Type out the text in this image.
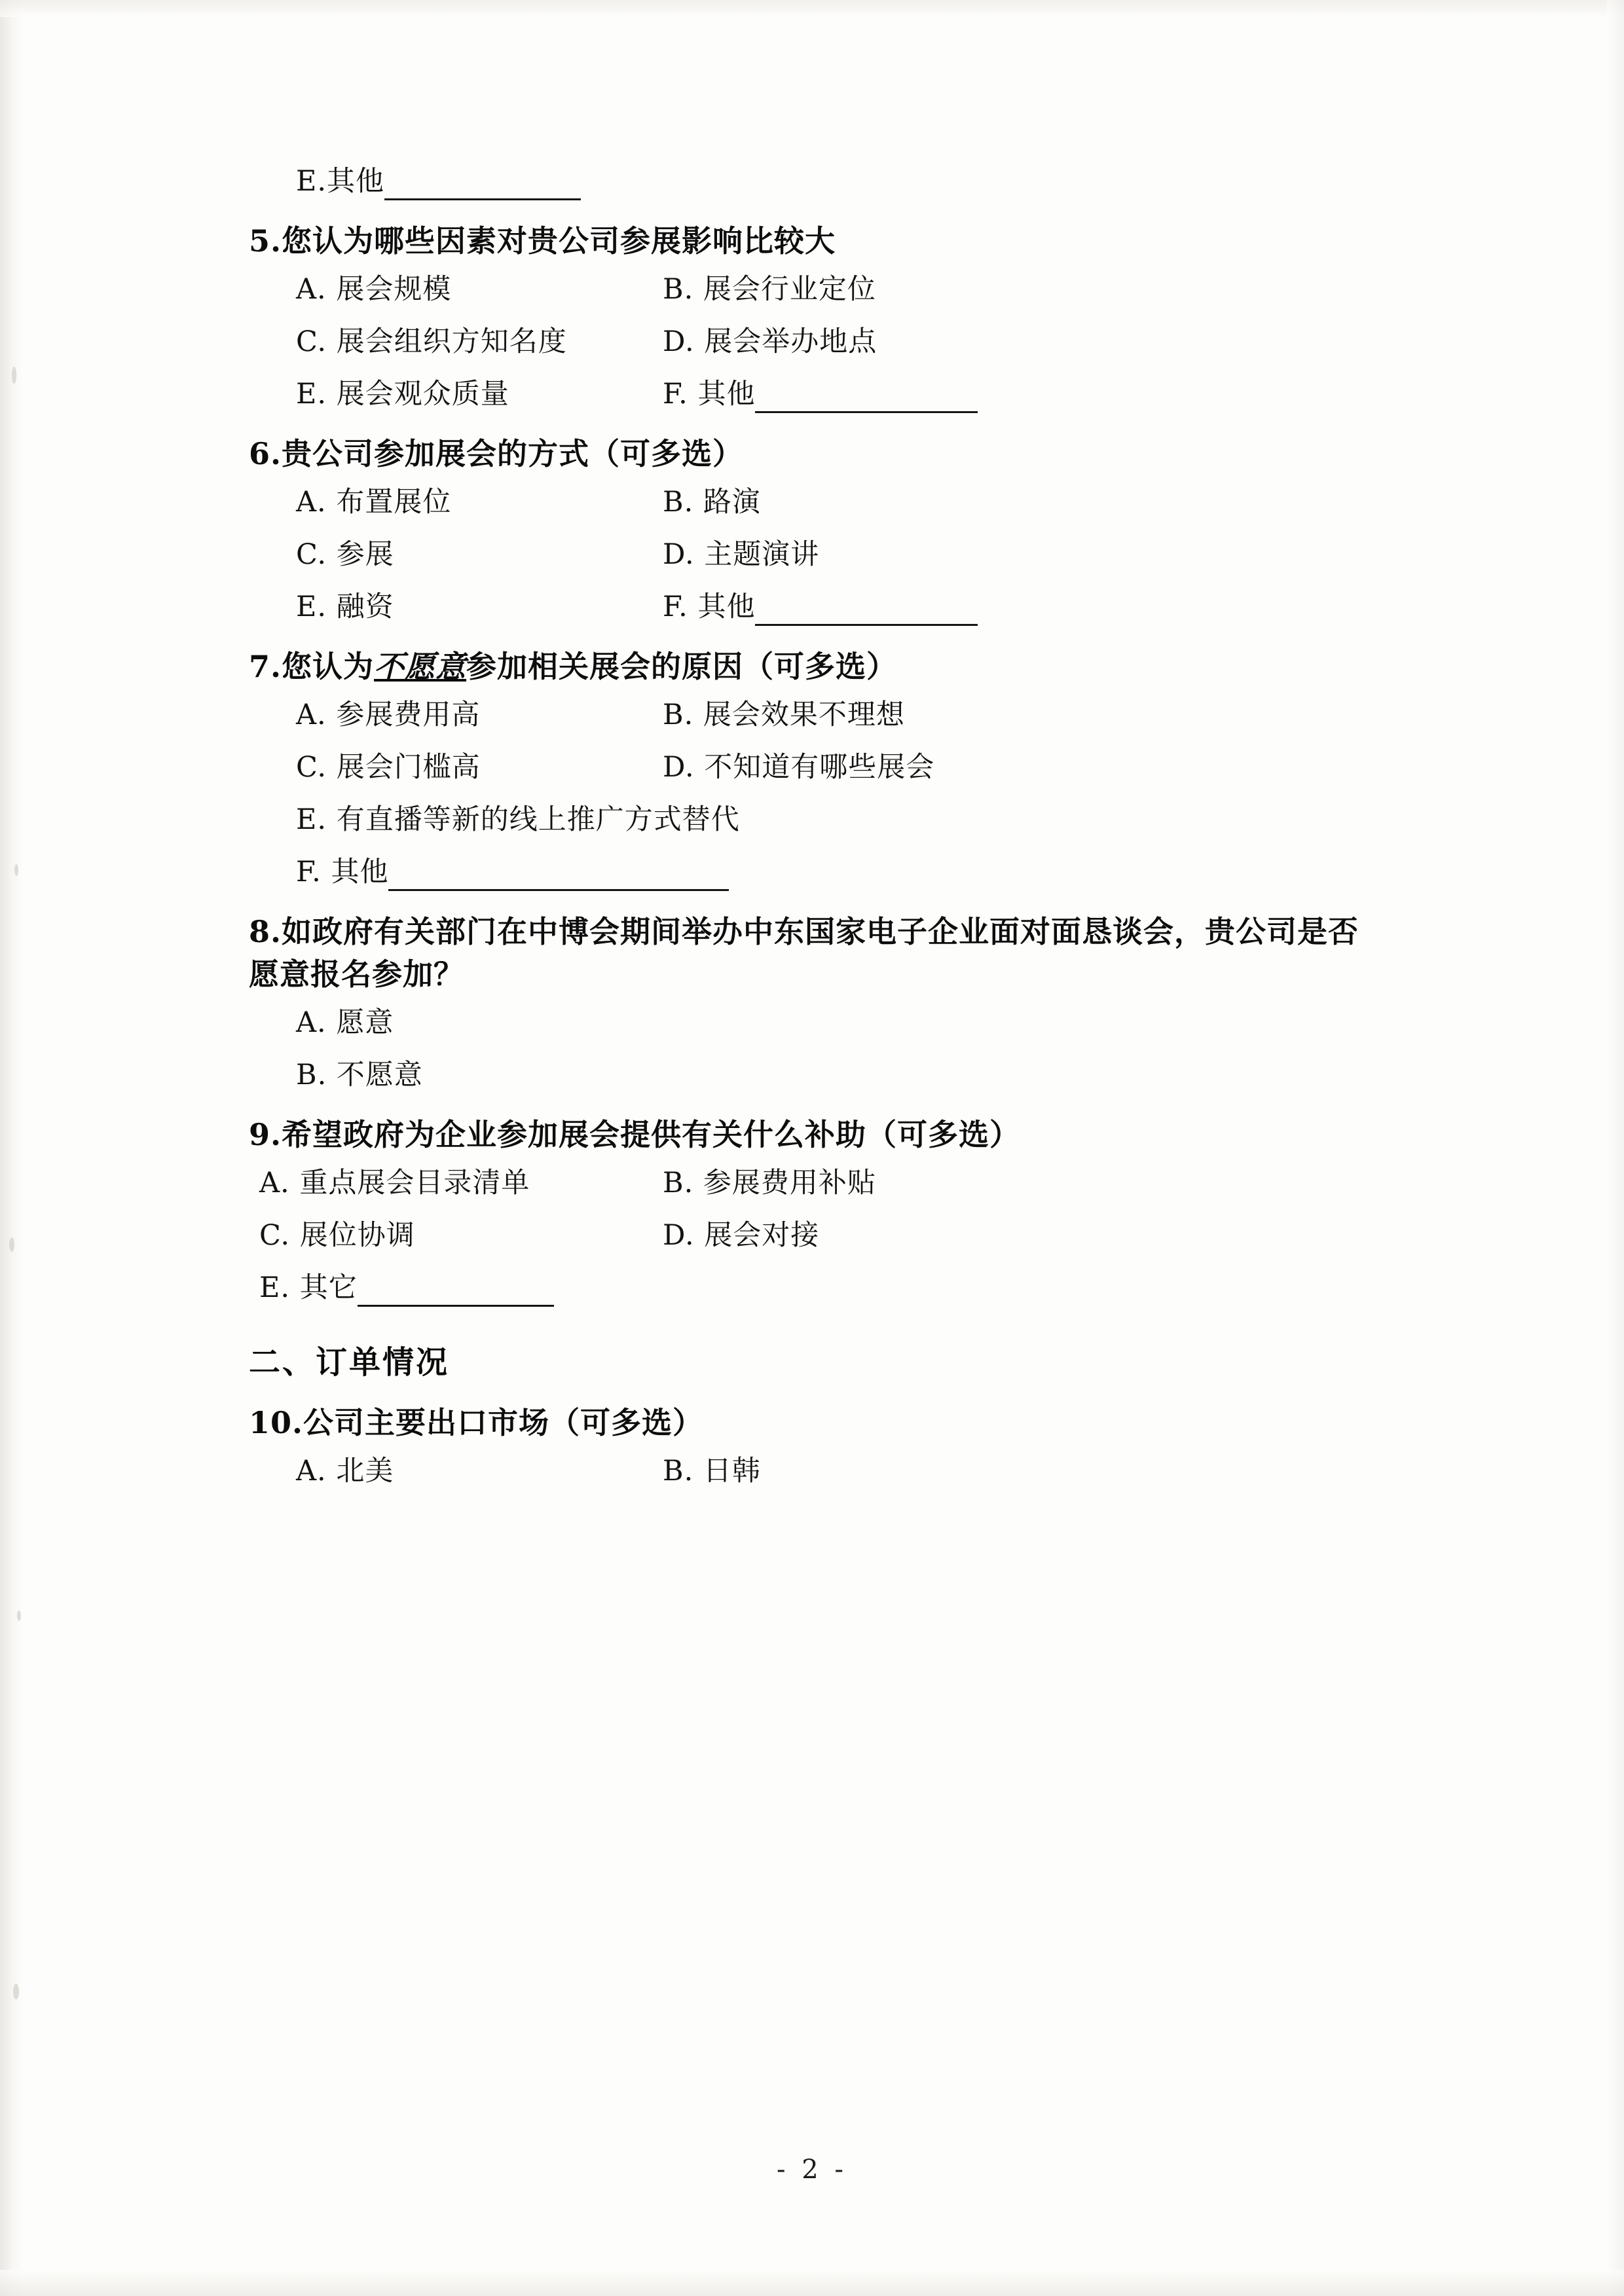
E.其他
5.您认为哪些因素对贵公司参展影响比较大
A. 展会规模	B. 展会行业定位
C. 展会组织方知名度	D. 展会举办地点
E. 展会观众质量	F. 其他
6.贵公司参加展会的方式（可多选）
A. 布置展位	B. 路演
C. 参展	D. 主题演讲
E. 融资	F. 其他
7.您认为不愿意参加相关展会的原因（可多选）
A. 参展费用高	B. 展会效果不理想
C. 展会门槛高	D. 不知道有哪些展会
E. 有直播等新的线上推广方式替代
F. 其他
8.如政府有关部门在中博会期间举办中东国家电子企业面对面恳谈会，贵公司是否愿意报名参加？
A. 愿意
B. 不愿意
9.希望政府为企业参加展会提供有关什么补助（可多选）
A. 重点展会目录清单	B. 参展费用补贴
C. 展位协调	D. 展会对接
E. 其它
二、订单情况
10.公司主要出口市场（可多选）
A. 北美	B. 日韩
- 2 -
